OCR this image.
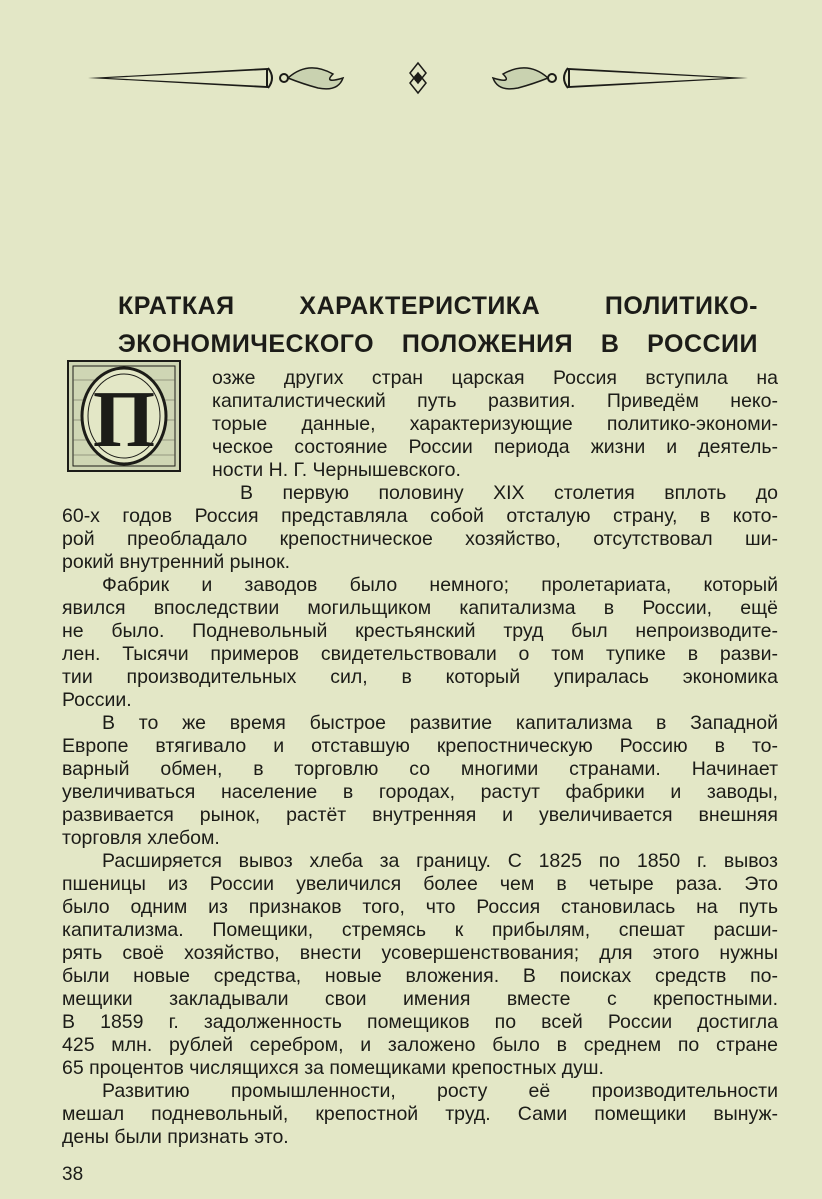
КРАТКАЯ ХАРАКТЕРИСТИКА ПОЛИТИКО-
ЭКОНОМИЧЕСКОГО ПОЛОЖЕНИЯ В РОССИИ
П	озже других стран царская Россия вступила на
капиталистический путь развития. Приведём неко-
торые данные, характеризующие политико-экономи-
ческое состояние России периода жизни и деятель-
ности Н. Г. Чернышевского.
В первую половину XIX столетия вплоть до
60-х годов Россия представляла собой отсталую страну, в кото-
рой преобладало крепостническое хозяйство, отсутствовал ши-
рокий внутренний рынок.
Фабрик и заводов было немного; пролетариата, который
явился впоследствии могильщиком капитализма в России, ещё
не было. Подневольный крестьянский труд был непроизводите-
лен. Тысячи примеров свидетельствовали о том тупике в разви-
тии производительных сил, в который упиралась экономика
России.
В то же время быстрое развитие капитализма в Западной
Европе втягивало и отставшую крепостническую Россию в то-
варный обмен, в торговлю со многими странами. Начинает
увеличиваться население в городах, растут фабрики и заводы,
развивается рынок, растёт внутренняя и увеличивается внешняя
торговля хлебом.
Расширяется вывоз хлеба за границу. С 1825 по 1850 г. вывоз
пшеницы из России увеличился более чем в четыре раза. Это
было одним из признаков того, что Россия становилась на путь
капитализма. Помещики, стремясь к прибылям, спешат расши-
рять своё хозяйство, внести усовершенствования; для этого нужны
были новые средства, новые вложения. В поисках средств по-
мещики закладывали свои имения вместе с крепостными.
В 1859 г. задолженность помещиков по всей России достигла
425 млн. рублей серебром, и заложено было в среднем по стране
65 процентов числящихся за помещиками крепостных душ.
Развитию промышленности, росту её производительности
мешал подневольный, крепостной труд. Сами помещики вынуж-
дены были признать это.
38
